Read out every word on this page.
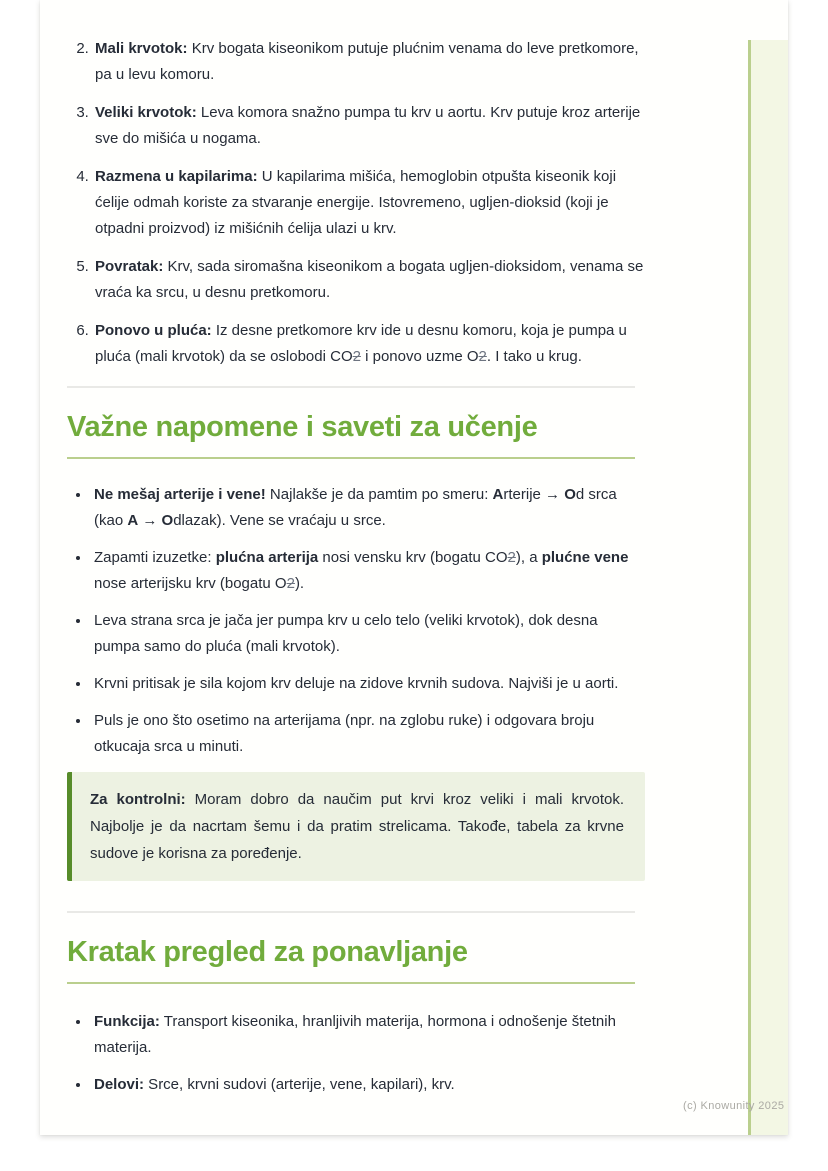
2. Mali krvotok: Krv bogata kiseonikom putuje plućnim venama do leve pretkomore, pa u levu komoru.
3. Veliki krvotok: Leva komora snažno pumpa tu krv u aortu. Krv putuje kroz arterije sve do mišića u nogama.
4. Razmena u kapilarima: U kapilarima mišića, hemoglobin otpušta kiseonik koji ćelije odmah koriste za stvaranje energije. Istovremeno, ugljen-dioksid (koji je otpadni proizvod) iz mišićnih ćelija ulazi u krv.
5. Povratak: Krv, sada siromašna kiseonikom a bogata ugljen-dioksidom, venama se vraća ka srcu, u desnu pretkomoru.
6. Ponovo u pluća: Iz desne pretkomore krv ide u desnu komoru, koja je pumpa u pluća (mali krvotok) da se oslobodi CO2 i ponovo uzme O2. I tako u krug.
Važne napomene i saveti za učenje
• Ne mešaj arterije i vene! Najlakše je da pamtim po smeru: Arterije → Od srca (kao A → Odlazak). Vene se vraćaju u srce.
• Zapamti izuzetke: plućna arterija nosi vensku krv (bogatu CO2), a plućne vene nose arterijsku krv (bogatu O2).
• Leva strana srca je jača jer pumpa krv u celo telo (veliki krvotok), dok desna pumpa samo do pluća (mali krvotok).
• Krvni pritisak je sila kojom krv deluje na zidove krvnih sudova. Najviši je u aorti.
• Puls je ono što osetimo na arterijama (npr. na zglobu ruke) i odgovara broju otkucaja srca u minuti.
Za kontrolni: Moram dobro da naučim put krvi kroz veliki i mali krvotok. Najbolje je da nacrtam šemu i da pratim strelicama. Takođe, tabela za krvne sudove je korisna za poređenje.
Kratak pregled za ponavljanje
• Funkcija: Transport kiseonika, hranljivih materija, hormona i odnošenje štetnih materija.
• Delovi: Srce, krvni sudovi (arterije, vene, kapilari), krv.
(c) Knowunity 2025
